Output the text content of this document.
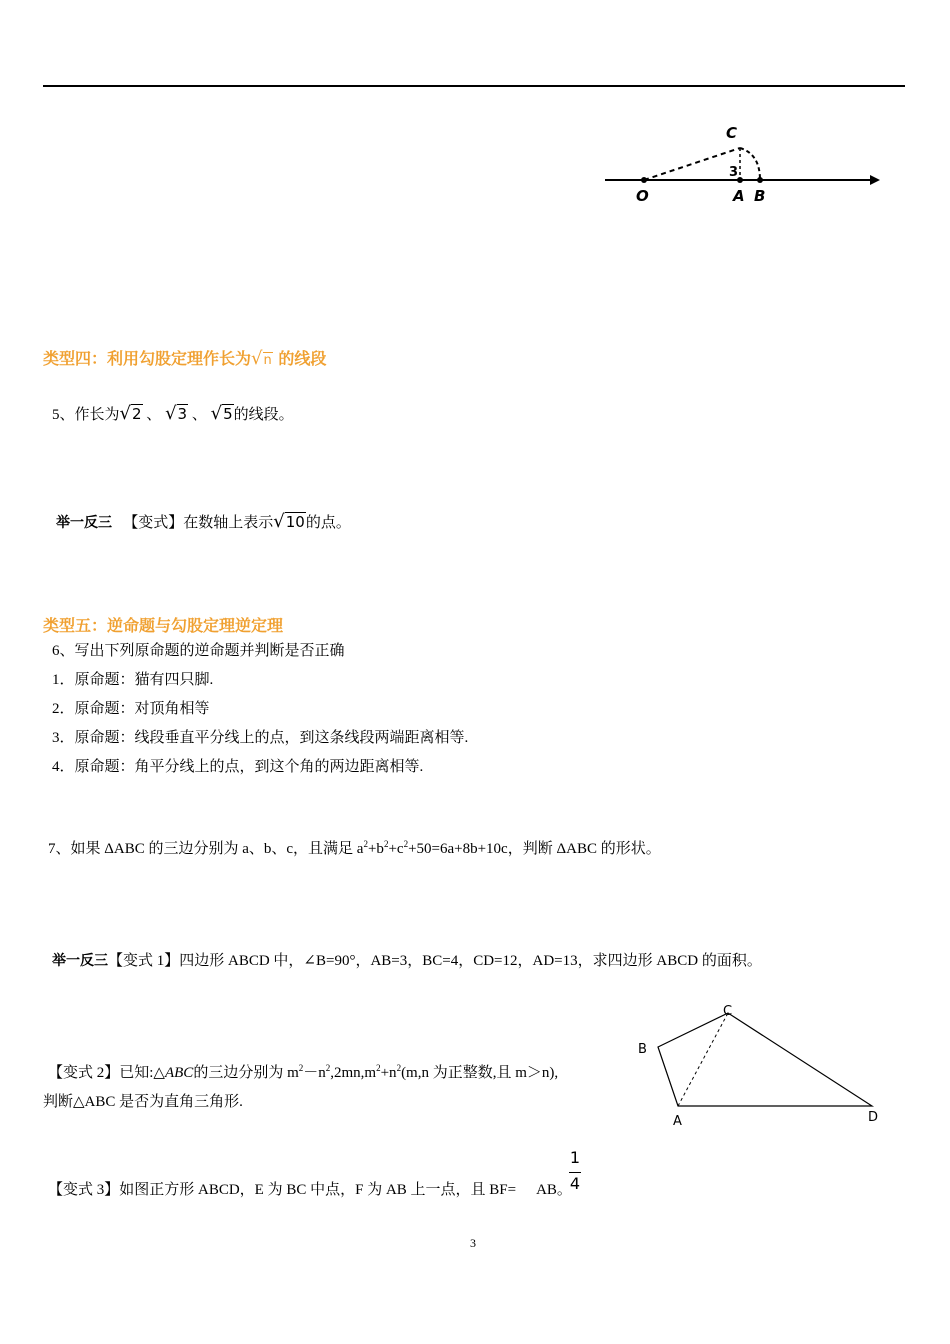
O	A B
C
3
类型四：利用勾股定理作长为√n 的线段
5、作长为√2 、 √3 、 √5的线段。
举一反三 【变式】在数轴上表示√10的点。
类型五：逆命题与勾股定理逆定理
6、写出下列原命题的逆命题并判断是否正确
1．原命题：猫有四只脚.
2．原命题：对顶角相等
3．原命题：线段垂直平分线上的点，到这条线段两端距离相等.
4．原命题：角平分线上的点，到这个角的两边距离相等.
7、如果 ΔABC 的三边分别为 a、b、c，且满足 $a^2+b^2+c^2+50=6a+8b+10c$，判断 ΔABC 的形状。
举一反三【变式 1】四边形 ABCD 中，∠B=90°，AB=3，BC=4，CD=12，AD=13，求四边形 ABCD 的面积。
B
C
A	D
【变式 2】已知:△ABC的三边分别为 $m^2-n^2,2mn,m^2+n^2(m,n$ 为正整数,且 m＞n),
判断△ABC 是否为直角三角形.
【变式 3】如图正方形 ABCD，E 为 BC 中点，F 为 AB 上一点，且 BF= AB。
1
4
3
